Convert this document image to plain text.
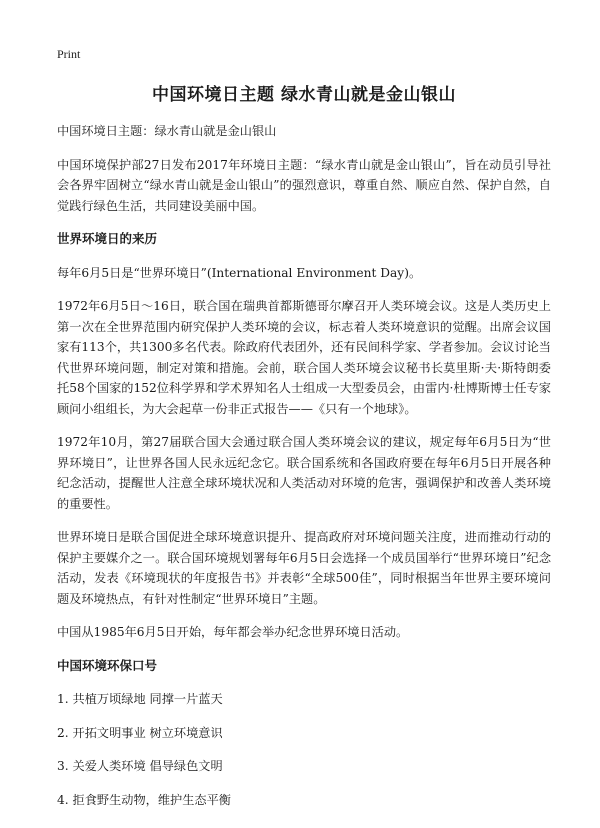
Print
中国环境日主题 绿水青山就是金山银山

中国环境日主题：绿水青山就是金山银山

中国环境保护部27日发布2017年环境日主题：“绿水青山就是金山银山”，旨在动员引导社会各界牢固树立“绿水青山就是金山银山”的强烈意识，尊重自然、顺应自然、保护自然，自觉践行绿色生活，共同建设美丽中国。

世界环境日的来历

每年6月5日是“世界环境日”(International Environment Day)。

1972年6月5日～16日，联合国在瑞典首都斯德哥尔摩召开人类环境会议。这是人类历史上第一次在全世界范围内研究保护人类环境的会议，标志着人类环境意识的觉醒。出席会议国家有113个，共1300多名代表。除政府代表团外，还有民间科学家、学者参加。会议讨论当代世界环境问题，制定对策和措施。会前，联合国人类环境会议秘书长莫里斯·夫·斯特朗委托58个国家的152位科学界和学术界知名人士组成一大型委员会，由雷内·杜博斯博士任专家顾问小组组长，为大会起草一份非正式报告——《只有一个地球》。

1972年10月，第27届联合国大会通过联合国人类环境会议的建议，规定每年6月5日为“世界环境日”，让世界各国人民永远纪念它。联合国系统和各国政府要在每年6月5日开展各种纪念活动，提醒世人注意全球环境状况和人类活动对环境的危害，强调保护和改善人类环境的重要性。

世界环境日是联合国促进全球环境意识提升、提高政府对环境问题关注度，进而推动行动的保护主要媒介之一。联合国环境规划署每年6月5日会选择一个成员国举行“世界环境日”纪念活动，发表《环境现状的年度报告书》并表彰“全球500佳”，同时根据当年世界主要环境问题及环境热点，有针对性制定“世界环境日”主题。

中国从1985年6月5日开始，每年都会举办纪念世界环境日活动。

中国环境环保口号
1. 共植万顷绿地 同撑一片蓝天
2. 开拓文明事业 树立环境意识
3. 关爱人类环境 倡导绿色文明
4. 拒食野生动物，维护生态平衡
